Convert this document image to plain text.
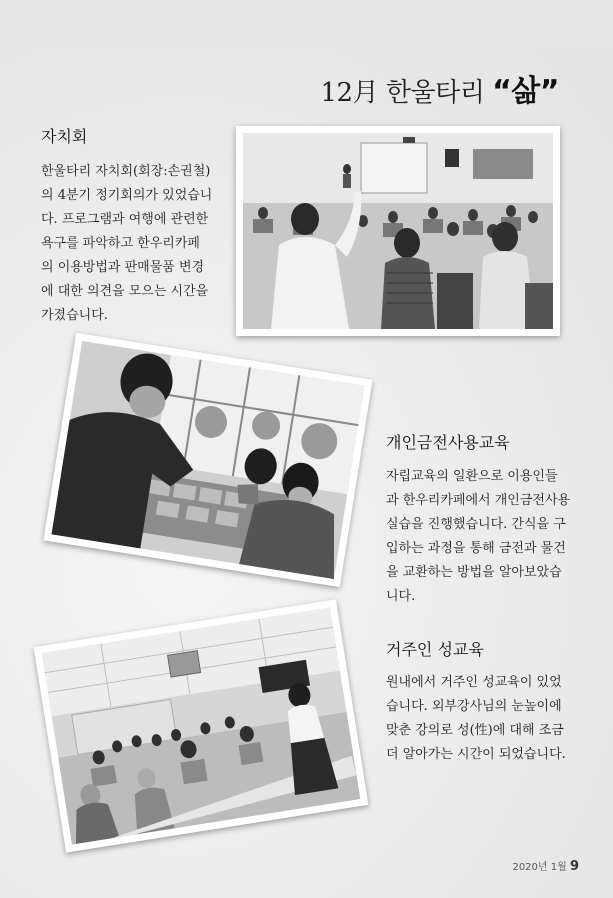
12月 한울타리 “삶”
자치회
한울타리 자치회(회장:손권철)
의 4분기 정기회의가 있었습니
다. 프로그램과 여행에 관련한
욕구를 파악하고 한우리카페
의 이용방법과 판매물품 변경
에 대한 의견을 모으는 시간을
가졌습니다.
개인금전사용교육
자립교육의 일환으로 이용인들
과 한우리카페에서 개인금전사용
실습을 진행했습니다. 간식을 구
입하는 과정을 통해 금전과 물건
을 교환하는 방법을 알아보았습
니다.
거주인 성교육
원내에서 거주인 성교육이 있었
습니다. 외부강사님의 눈높이에
맞춘 강의로 성(性)에 대해 조금
더 알아가는 시간이 되었습니다.
2020년 1월 9
